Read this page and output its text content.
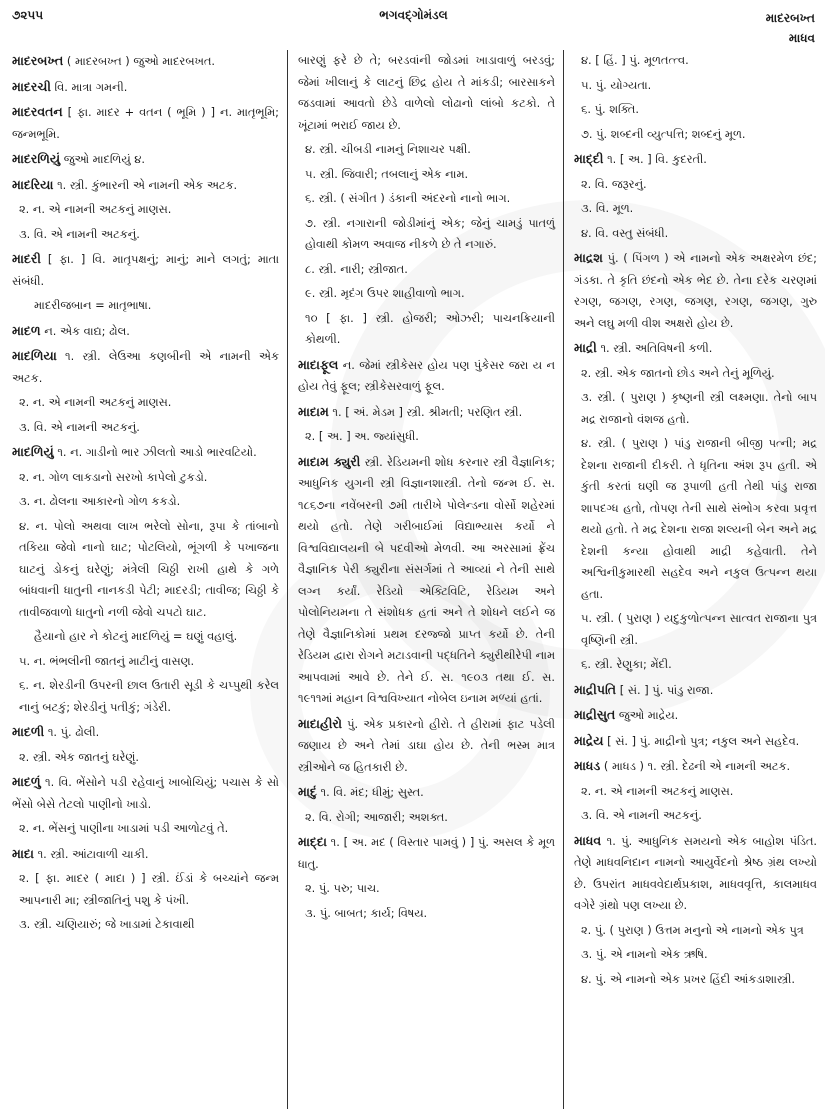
૭૨૫૫	ભગવદ્ગોમંડલ	માદરબખ્ત
માધવ

માદરબખ્ત ( માદરબખ્ત ) જુઓ માદરબખત.

માદરચી વિ. માત્રા ગમની.

માદરવતન [ ફા. માદર + વતન ( ભૂમિ ) ] ન. માતૃભૂમિ; જન્મભૂમિ.

માદરળિયું જુઓ માદળિયું ૪.

માદરિયા ૧. સ્ત્રી. કુંભારની એ નામની એક અટક.

૨. ન. એ નામની અટકનું માણસ.

૩. વિ. એ નામની અટકનું.

માદરી [ ફા. ] વિ. માતૃપક્ષનું; માનું; માને લગતું; માતા સંબંધી.

માદરીજબાન = માતૃભાષા.

માદળ ન. એક વાદ્ય; ઢોલ.

માદળિયા ૧. સ્ત્રી. લેઉઆ કણબીની એ નામની એક અટક.

૨. ન. એ નામની અટકનું માણસ.

૩. વિ. એ નામની અટકનું.

માદળિયું ૧. ન. ગાડીનો ભાર ઝીલતો આડો ભારવટિયો.

૨. ન. ગોળ લાકડાનો સરખો કાપેલો ટુકડો.

૩. ન. ઢોલના આકારનો ગોળ કકડો.

૪. ન. પોલો અથવા લાખ ભરેલો સોના, રૂપા કે તાંબાનો તકિયા જેવો નાનો ઘાટ; પોટલિયો, ભૂંગળી કે પખાજના ઘાટનું ડોકનું ઘરેણું; મંત્રેલી ચિઠ્ઠી રાખી હાથે કે ગળે બાંધવાની ધાતુની નાનકડી પેટી; માદરડી; તાવીજ; ચિઠ્ઠી કે તાવીજવાળો ધાતુનો નળી જેવો ચપટો ઘાટ.

હૈયાનો હાર ને કોટનું માદળિયું = ઘણું વહાલું.

૫. ન. ભંભલીની જાતનું માટીનું વાસણ.

૬. ન. શેરડીની ઉપરની છાલ ઉતારી સૂડી કે ચપ્પુથી કરેલ નાનું બટકું; શેરડીનું પતીકું; ગંડેરી.

માદળી ૧. પું. ઢોલી.

૨. સ્ત્રી. એક જાતનું ઘરેણું.

માદળું ૧. વિ. ભેંસોને પડી રહેવાનું ખાબોચિયું; પચાસ કે સો ભેંસો બેસે તેટલો પાણીનો ખાડો.

૨. ન. ભેંસનું પાણીના ખાડામાં પડી આળોટવું તે.

માદા ૧. સ્ત્રી. આંટાવાળી ચાકી.

૨. [ ફા. માદર ( માદા ) ] સ્ત્રી. ઈંડાં કે બચ્ચાંને જન્મ આપનારી મા; સ્ત્રીજાતિનું પશુ કે પંખી.

૩. સ્ત્રી. ચણિયારું; જે ખાડામાં ટેકાવાથી

બારણું ફરે છે તે; બરડવાંની જોડમાં ખાડાવાળું બરડવું; જેમાં ખીલાનું કે લાટનું છિદ્ર હોય તે માંકડી; બારસાકને જડવામાં આવતો છેડે વાળેલો લોઢાનો લાંબો કટકો. તે ખૂંટામાં ભરાઈ જાય છે.

૪. સ્ત્રી. ચીબડી નામનું નિશાચર પક્ષી.

૫. સ્ત્રી. જિવારી; તબલાનું એક નામ.

૬. સ્ત્રી. ( સંગીત ) ડંકાની અંદરનો નાનો ભાગ.

૭. સ્ત્રી. નગારાની જોડીમાંનું એક; જેનું ચામડું પાતળું હોવાથી કોમળ અવાજ નીકળે છે તે નગારું.

૮. સ્ત્રી. નારી; સ્ત્રીજાત.

૯. સ્ત્રી. મૃદંગ ઉપર શાહીવાળો ભાગ.

૧૦ [ ફા. ] સ્ત્રી. હોજરી; ઓઝરી; પાચનક્રિયાની કોથળી.

માદાફૂલ ન. જેમાં સ્ત્રીકેસર હોય પણ પુંકેસર જરા ય ન હોય તેવું ફૂલ; સ્ત્રીકેસરવાળું ફૂલ.

માદામ ૧. [ અં. મેડમ ] સ્ત્રી. શ્રીમતી; પરણિત સ્ત્રી.

૨. [ અ. ] અ. જ્યાંસુધી.

માદામ ક્યુરી સ્ત્રી. રેડિયમની શોધ કરનાર સ્ત્રી વૈજ્ઞાનિક; આધુનિક યુગની સ્ત્રી વિજ્ઞાનશાસ્ત્રી. તેનો જન્મ ઈ. સ. ૧૮૬૭ના નવેંબરની ૭મી તારીખે પોલેન્ડના વોર્સો શહેરમાં થયો હતો. તેણે ગરીબાઈમાં વિદ્યાભ્યાસ કર્યો ને વિશ્વવિદ્યાલયની બે પદવીઓ મેળવી. આ અરસામાં ફ્રેંચ વૈજ્ઞાનિક પેરી ક્યુરીના સંસર્ગમાં તે આવ્યાં ને તેની સાથે લગ્ન કર્યાં. રેડિયો એક્ટિવિટિ, રેડિયમ અને પોલોનિયમના તે સંશોધક હતાં અને તે શોધને લઈને જ તેણે વૈજ્ઞાનિકોમાં પ્રથમ દરજ્જો પ્રાપ્ત કર્યો છે. તેની રેડિયમ દ્વારા રોગને મટાડવાની પદ્ધતિને ક્યુરીથીરેપી નામ આપવામાં આવે છે. તેને ઈ. સ. ૧૯૦૩ તથા ઈ. સ. ૧૯૧૧માં મહાન વિશ્વવિખ્યાત નોબેલ ઇનામ મળ્યાં હતાં.

માદાહીરો પું. એક પ્રકારનો હીરો. તે હીરામાં ફાટ પડેલી જણાય છે અને તેમાં ડાઘા હોય છે. તેની ભસ્મ માત્ર સ્ત્રીઓને જ હિતકારી છે.

માદું ૧. વિ. મંદ; ધીમું; સુસ્ત.

૨. વિ. રોગી; આજારી; અશક્ત.

માદ્દા ૧. [ અ. મદ ( વિસ્તાર પામવું ) ] પું. અસલ કે મૂળ ધાતુ.

૨. પું. પરુ; પાચ.

૩. પું. બાબત; કાર્ય; વિષય.

૪. [ હિં. ] પું. મૂળતત્ત્વ.

૫. પું. યોગ્યતા.

૬. પું. શક્તિ.

૭. પું. શબ્દની વ્યુત્પત્તિ; શબ્દનું મૂળ.

માદ્દી ૧. [ અ. ] વિ. કુદરતી.

૨. વિ. જરૂરનું.

૩. વિ. મૂળ.

૪. વિ. વસ્તુ સંબંધી.

માદ્રશ પું. ( પિંગળ ) એ નામનો એક અક્ષરમેળ છંદ; ગંડકા. તે કૃતિ છંદનો એક ભેદ છે. તેના દરેક ચરણમાં રગણ, જગણ, રગણ, જગણ, રગણ, જગણ, ગુરુ અને લઘુ મળી વીશ અક્ષરો હોય છે.

માદ્રી ૧. સ્ત્રી. અતિવિષની કળી.

૨. સ્ત્રી. એક જાતનો છોડ અને તેનું મૂળિયું.

૩. સ્ત્રી. ( પુરાણ ) કૃષ્ણની સ્ત્રી લક્ષ્મણા. તેનો બાપ મદ્ર રાજાનો વંશજ હતો.

૪. સ્ત્રી. ( પુરાણ ) પાંડુ રાજાની બીજી પત્ની; મદ્ર દેશના રાજાની દીકરી. તે ધૃતિના અંશ રૂપ હતી. એ કુંતી કરતાં ઘણી જ રૂપાળી હતી તેથી પાંડુ રાજા શાપદગ્ધ હતો, તોપણ તેની સાથે સંભોગ કરવા પ્રવૃત્ત થયો હતો. તે મદ્ર દેશના રાજા શલ્યની બેન અને મદ્ર દેશની કન્યા હોવાથી માદ્રી કહેવાતી. તેને અશ્વિનીકુમારથી સહદેવ અને નકુલ ઉત્પન્ન થયા હતા.

૫. સ્ત્રી. ( પુરાણ ) યદુકુળોત્પન્ન સાત્વત રાજાના પુત્ર વૃષ્ણિની સ્ત્રી.

૬. સ્ત્રી. રેણુકા; મેંદી.

માદ્રીપતિ [ સં. ] પું. પાંડુ રાજા.

માદ્રીસુત જુઓ માદ્રેય.

માદ્રેય [ સં. ] પું. માદ્રીનો પુત્ર; નકુલ અને સહદેવ.

માધડ ( માધડ ) ૧. સ્ત્રી. દેઢની એ નામની અટક.

૨. ન. એ નામની અટકનું માણસ.

૩. વિ. એ નામની અટકનું.

માધવ ૧. પું. આધુનિક સમયનો એક બાહોશ પંડિત. તેણે માધવનિદાન નામનો આયુર્વેદનો શ્રેષ્ઠ ગ્રંથ લખ્યો છે. ઉપરાંત માધવવેદાર્થપ્રકાશ, માધવવૃત્તિ, કાલમાધવ વગેરે ગ્રંથો પણ લખ્યા છે.

૨. પું. ( પુરાણ ) ઉત્તમ મનુનો એ નામનો એક પુત્ર

૩. પું. એ નામનો એક ઋષિ.

૪. પું. એ નામનો એક પ્રખર હિંદી આંકડાશાસ્ત્રી.
